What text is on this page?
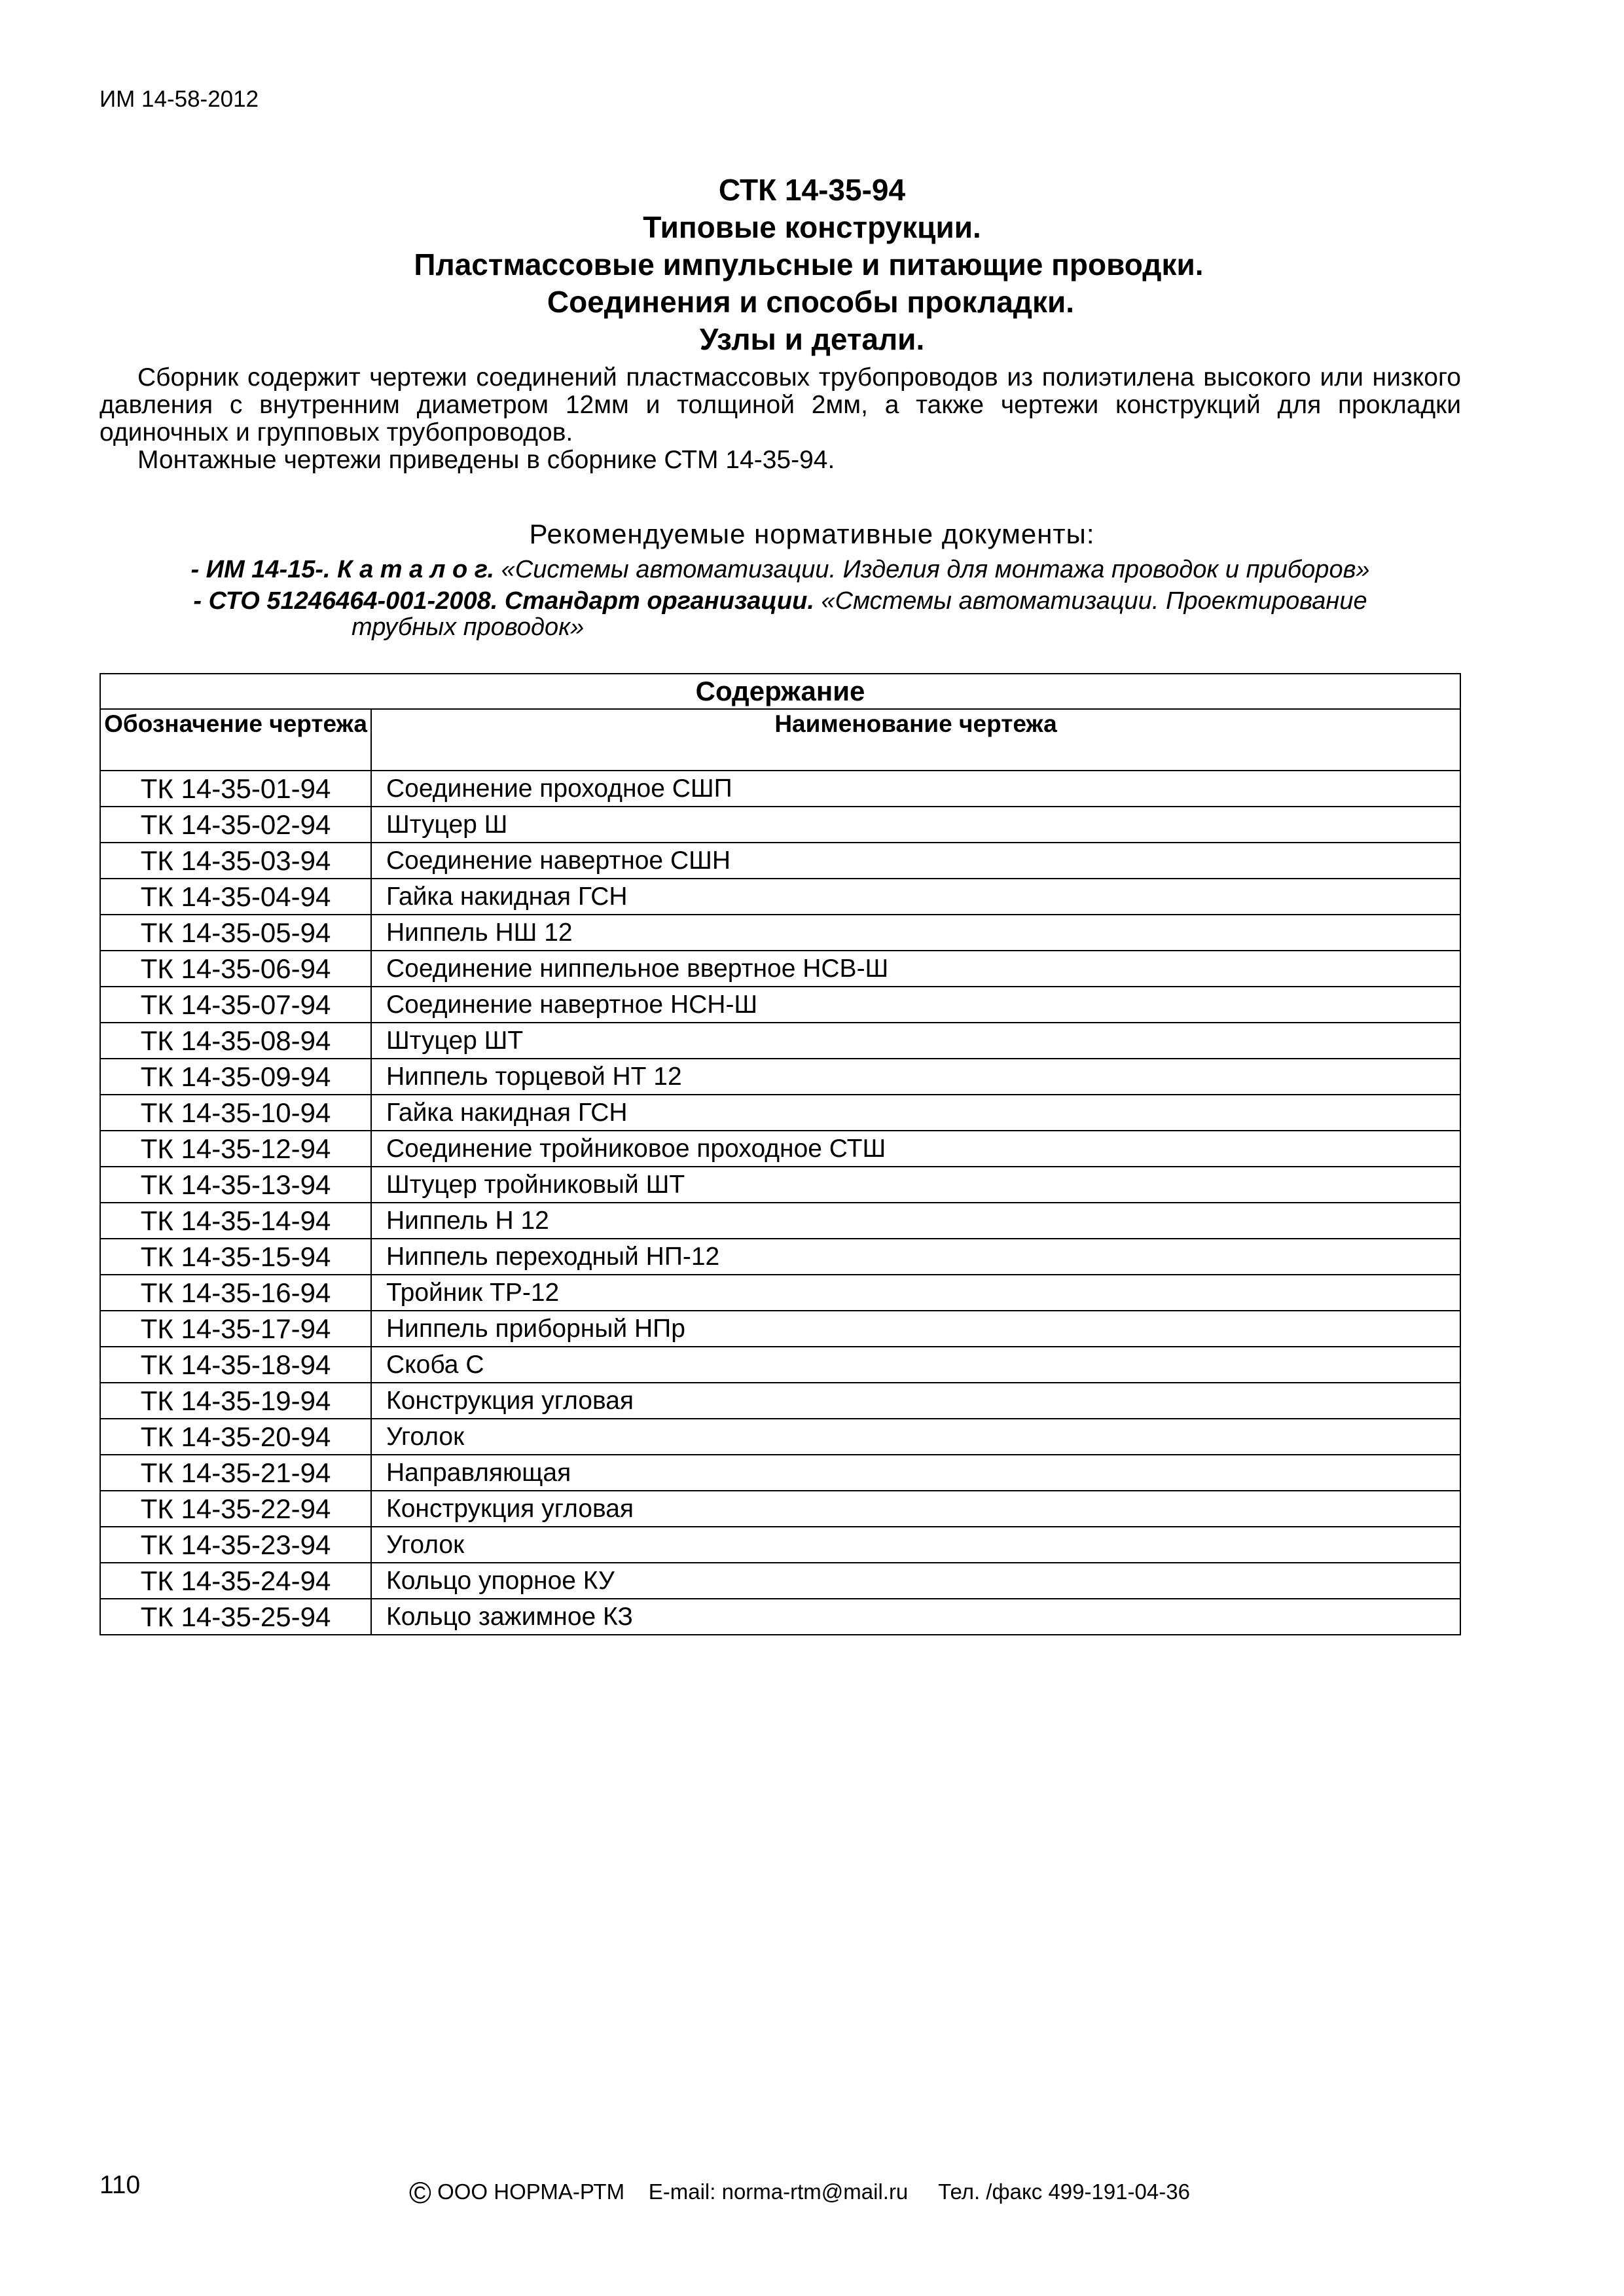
ИМ 14-58-2012
СТК 14-35-94
Типовые конструкции.
Пластмассовые импульсные и питающие проводки.
Соединения и способы прокладки.
Узлы и детали.

Сборник содержит чертежи соединений пластмассовых трубопроводов из полиэтилена высокого или низкого давления с внутренним диаметром 12мм и толщиной 2мм, а также чертежи конструкций для прокладки одиночных и групповых трубопроводов.

Монтажные чертежи приведены в сборнике СТМ 14-35-94.

Рекомендуемые нормативные документы:
- ИМ 14-15-. К а т а л о г. «Системы автоматизации. Изделия для монтажа проводок и приборов»
- СТО 51246464-001-2008. Стандарт организации. «Смстемы автоматизации. Проектирование
трубных проводок»
Содержание	
Обозначение чертежа	Наименование чертежа
ТК 14-35-01-94	Соединение проходное СШП
ТК 14-35-02-94	Штуцер Ш
ТК 14-35-03-94	Соединение навертное СШН
ТК 14-35-04-94	Гайка накидная ГСН
ТК 14-35-05-94	Ниппель НШ 12
ТК 14-35-06-94	Соединение ниппельное ввертное НСВ-Ш
ТК 14-35-07-94	Соединение навертное НСН-Ш
ТК 14-35-08-94	Штуцер ШТ
ТК 14-35-09-94	Ниппель торцевой НТ 12
ТК 14-35-10-94	Гайка накидная ГСН
ТК 14-35-12-94	Соединение тройниковое проходное СТШ
ТК 14-35-13-94	Штуцер тройниковый ШТ
ТК 14-35-14-94	Ниппель Н 12
ТК 14-35-15-94	Ниппель переходный НП-12
ТК 14-35-16-94	Тройник ТР-12
ТК 14-35-17-94	Ниппель приборный НПр
ТК 14-35-18-94	Скоба С
ТК 14-35-19-94	Конструкция угловая
ТК 14-35-20-94	Уголок
ТК 14-35-21-94	Направляющая
ТК 14-35-22-94	Конструкция угловая
ТК 14-35-23-94	Уголок
ТК 14-35-24-94	Кольцо упорное КУ
ТК 14-35-25-94	Кольцо зажимное КЗ
110	© ООО НОРМА-РТМ E-mail: norma-rtm@mail.ru Тел. /факс 499-191-04-36
